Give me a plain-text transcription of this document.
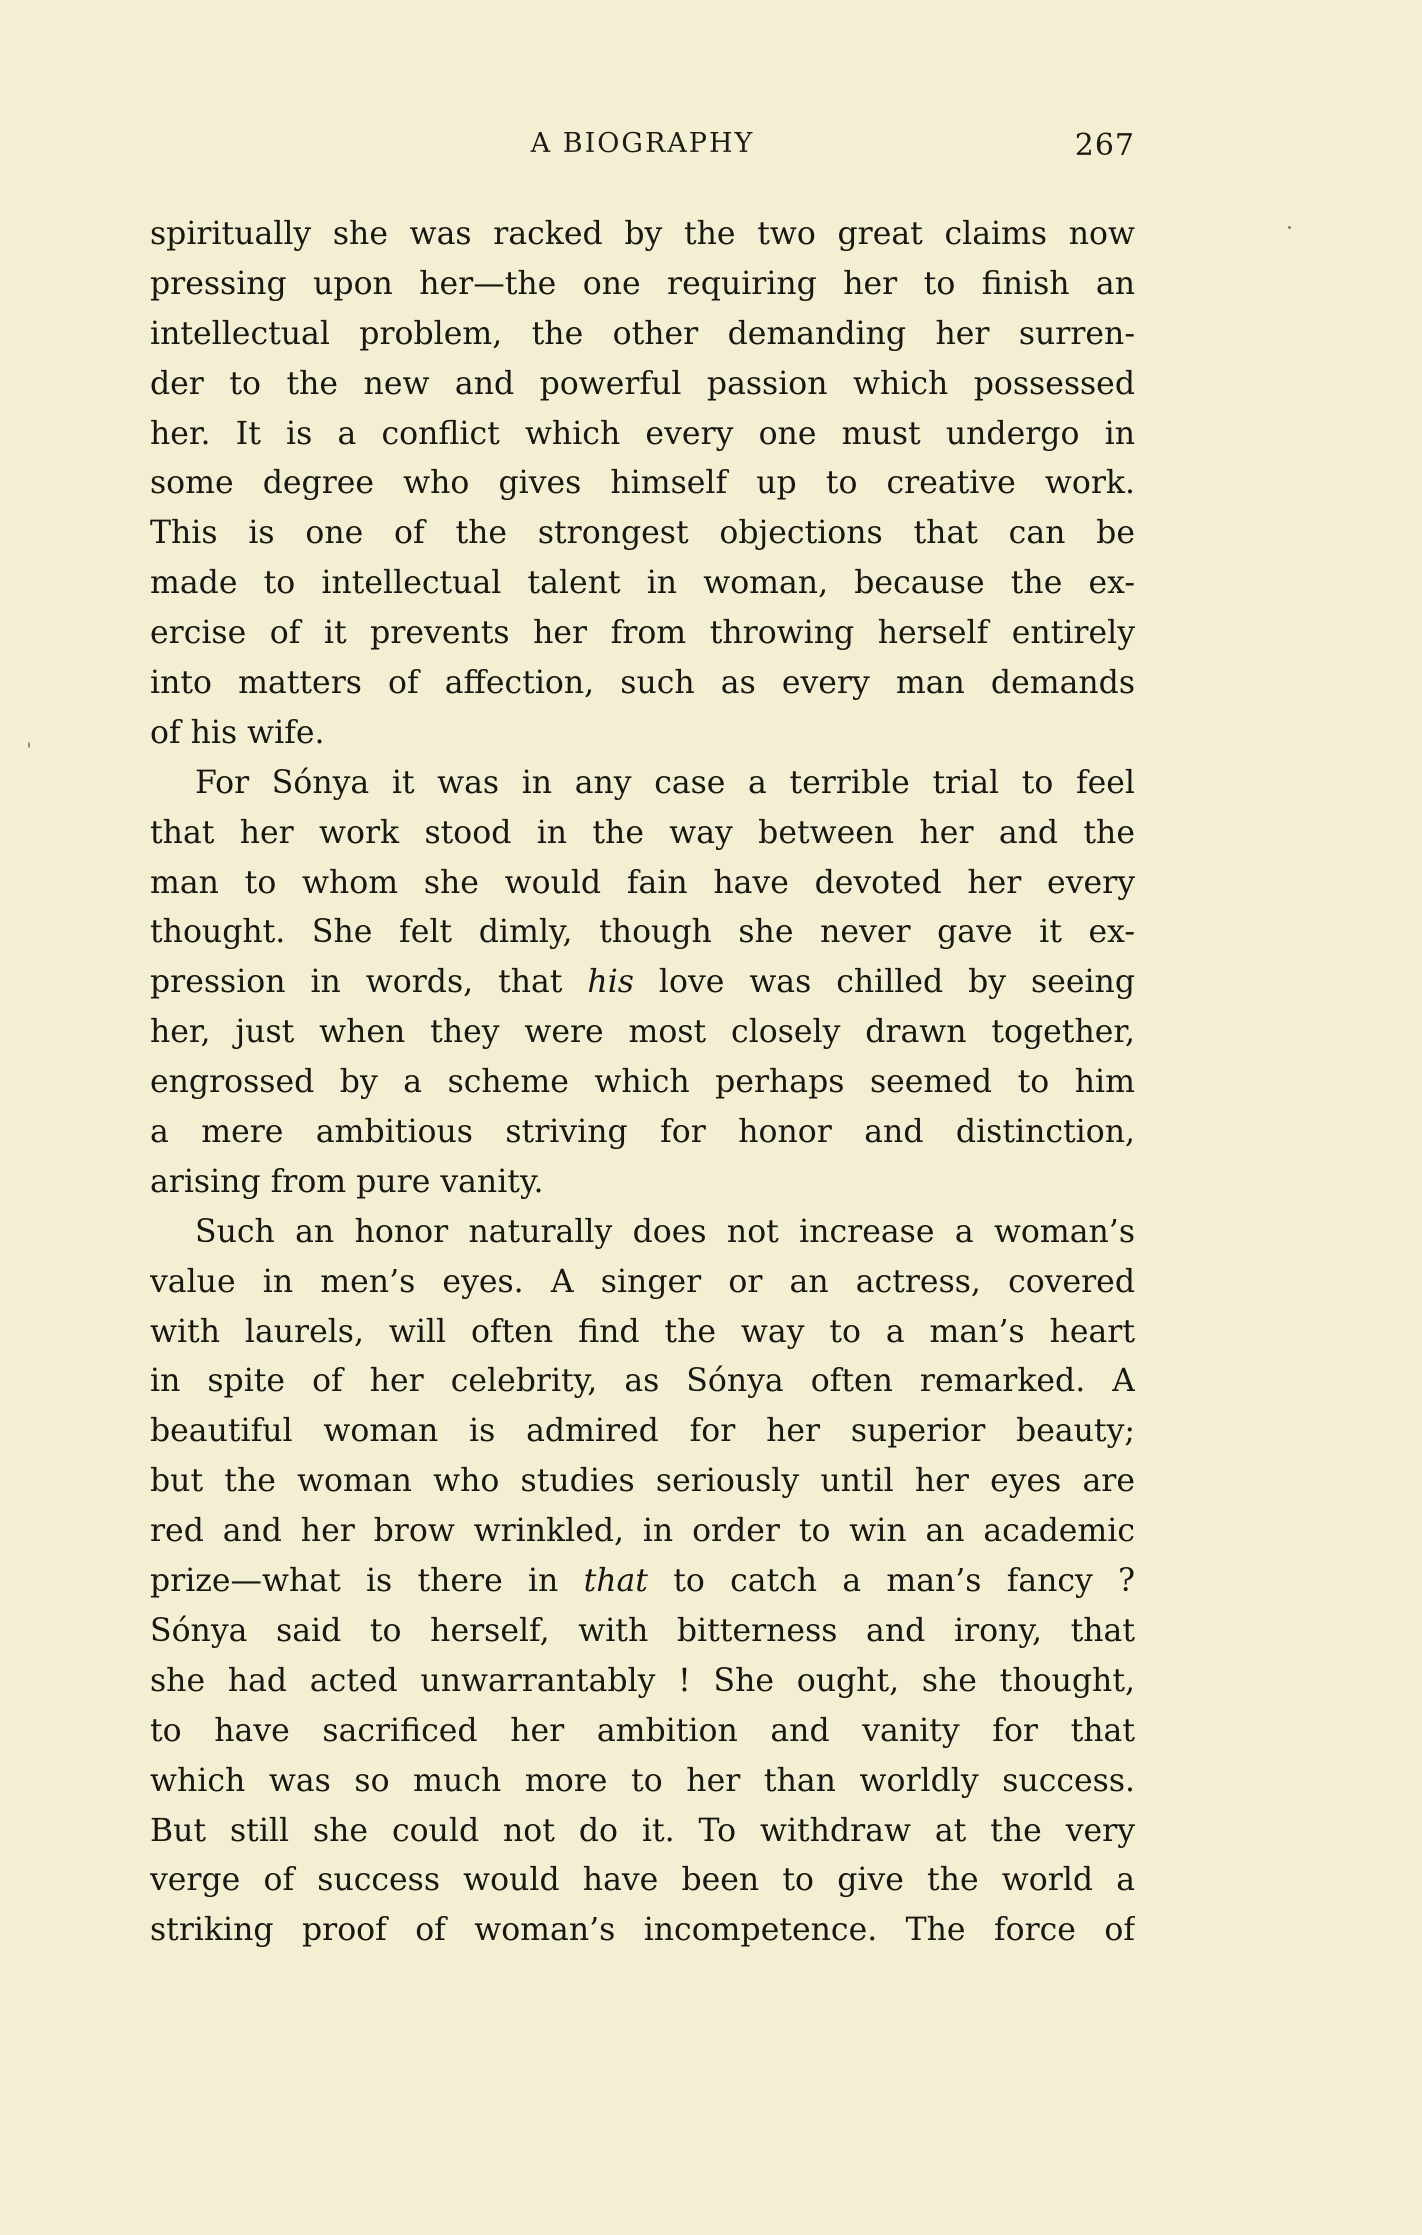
A BIOGRAPHY	267
spiritually she was racked by the two great claims now
pressing upon her—the one requiring her to finish an
intellectual problem, the other demanding her surren-
der to the new and powerful passion which possessed
her. It is a conflict which every one must undergo in
some degree who gives himself up to creative work.
This is one of the strongest objections that can be
made to intellectual talent in woman, because the ex-
ercise of it prevents her from throwing herself entirely
into matters of affection, such as every man demands
of his wife.
For Sónya it was in any case a terrible trial to feel
that her work stood in the way between her and the
man to whom she would fain have devoted her every
thought. She felt dimly, though she never gave it ex-
pression in words, that his love was chilled by seeing
her, just when they were most closely drawn together,
engrossed by a scheme which perhaps seemed to him
a mere ambitious striving for honor and distinction,
arising from pure vanity.
Such an honor naturally does not increase a woman’s
value in men’s eyes. A singer or an actress, covered
with laurels, will often find the way to a man’s heart
in spite of her celebrity, as Sónya often remarked. A
beautiful woman is admired for her superior beauty;
but the woman who studies seriously until her eyes are
red and her brow wrinkled, in order to win an academic
prize—what is there in that to catch a man’s fancy ?
Sónya said to herself, with bitterness and irony, that
she had acted unwarrantably ! She ought, she thought,
to have sacrificed her ambition and vanity for that
which was so much more to her than worldly success.
But still she could not do it. To withdraw at the very
verge of success would have been to give the world a
striking proof of woman’s incompetence. The force of
